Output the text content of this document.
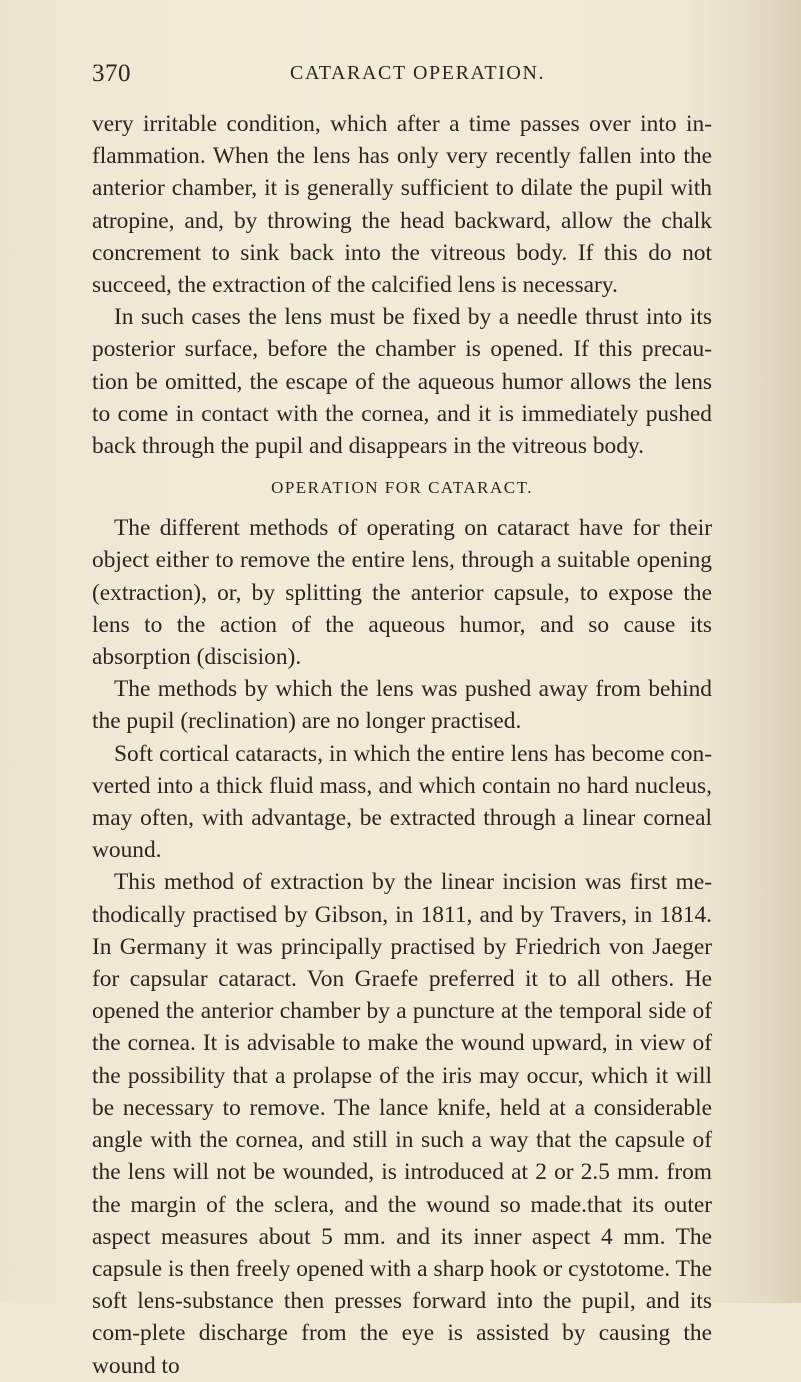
370	CATARACT OPERATION.

very irritable condition, which after a time passes over into in-flammation. When the lens has only very recently fallen into the anterior chamber, it is generally sufficient to dilate the pupil with atropine, and, by throwing the head backward, allow the chalk concrement to sink back into the vitreous body. If this do not succeed, the extraction of the calcified lens is necessary.

In such cases the lens must be fixed by a needle thrust into its posterior surface, before the chamber is opened. If this precau-tion be omitted, the escape of the aqueous humor allows the lens to come in contact with the cornea, and it is immediately pushed back through the pupil and disappears in the vitreous body.

OPERATION FOR CATARACT.

The different methods of operating on cataract have for their object either to remove the entire lens, through a suitable opening (extraction), or, by splitting the anterior capsule, to expose the lens to the action of the aqueous humor, and so cause its absorption (discision).

The methods by which the lens was pushed away from behind the pupil (reclination) are no longer practised.

Soft cortical cataracts, in which the entire lens has become con-verted into a thick fluid mass, and which contain no hard nucleus, may often, with advantage, be extracted through a linear corneal wound.

This method of extraction by the linear incision was first me-thodically practised by Gibson, in 1811, and by Travers, in 1814. In Germany it was principally practised by Friedrich von Jaeger for capsular cataract. Von Graefe preferred it to all others. He opened the anterior chamber by a puncture at the temporal side of the cornea. It is advisable to make the wound upward, in view of the possibility that a prolapse of the iris may occur, which it will be necessary to remove. The lance knife, held at a considerable angle with the cornea, and still in such a way that the capsule of the lens will not be wounded, is introduced at 2 or 2.5 mm. from the margin of the sclera, and the wound so made.that its outer aspect measures about 5 mm. and its inner aspect 4 mm. The capsule is then freely opened with a sharp hook or cystotome. The soft lens-substance then presses forward into the pupil, and its com-plete discharge from the eye is assisted by causing the wound to
